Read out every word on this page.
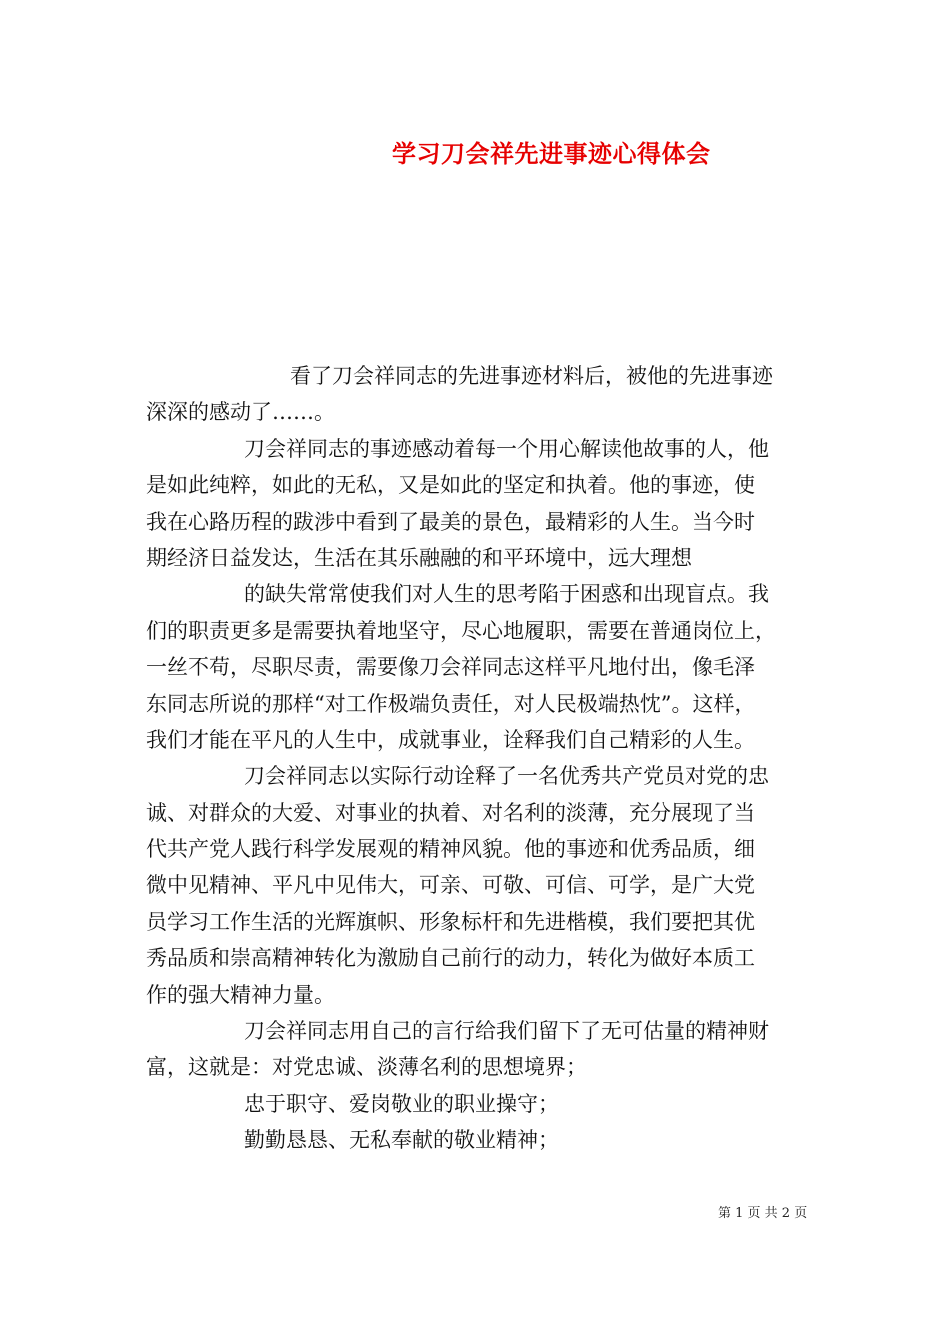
学习刀会祥先进事迹心得体会
看了刀会祥同志的先进事迹材料后，被他的先进事迹
深深的感动了……。
刀会祥同志的事迹感动着每一个用心解读他故事的人，他
是如此纯粹，如此的无私，又是如此的坚定和执着。他的事迹，使
我在心路历程的跋涉中看到了最美的景色，最精彩的人生。当今时
期经济日益发达，生活在其乐融融的和平环境中，远大理想
的缺失常常使我们对人生的思考陷于困惑和出现盲点。我
们的职责更多是需要执着地坚守，尽心地履职，需要在普通岗位上，
一丝不苟，尽职尽责，需要像刀会祥同志这样平凡地付出，像毛泽
东同志所说的那样“对工作极端负责任，对人民极端热忱”。这样，
我们才能在平凡的人生中，成就事业，诠释我们自己精彩的人生。
刀会祥同志以实际行动诠释了一名优秀共产党员对党的忠
诚、对群众的大爱、对事业的执着、对名利的淡薄，充分展现了当
代共产党人践行科学发展观的精神风貌。他的事迹和优秀品质，细
微中见精神、平凡中见伟大，可亲、可敬、可信、可学，是广大党
员学习工作生活的光辉旗帜、形象标杆和先进楷模，我们要把其优
秀品质和崇高精神转化为激励自己前行的动力，转化为做好本质工
作的强大精神力量。
刀会祥同志用自己的言行给我们留下了无可估量的精神财
富，这就是：对党忠诚、淡薄名利的思想境界；
忠于职守、爱岗敬业的职业操守；
勤勤恳恳、无私奉献的敬业精神；
第 1 页 共 2 页
